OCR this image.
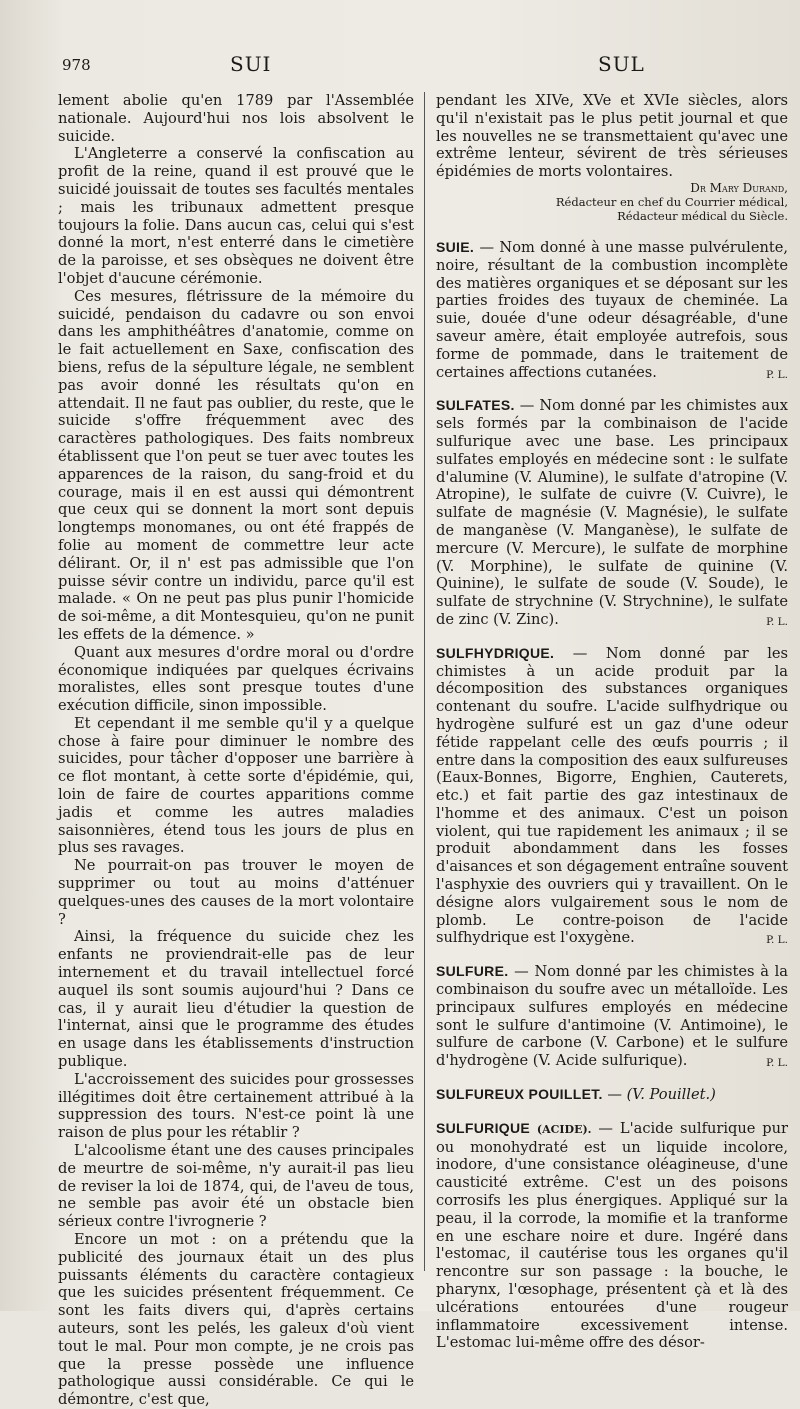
978	SUI	SUL

lement abolie qu'en 1789 par l'Assemblée nationale. Aujourd'hui nos lois absolvent le suicide.

L'Angleterre a conservé la confiscation au profit de la reine, quand il est prouvé que le suicidé jouissait de toutes ses facultés mentales ; mais les tribunaux admettent presque toujours la folie. Dans aucun cas, celui qui s'est donné la mort, n'est enterré dans le cimetière de la paroisse, et ses obsèques ne doivent être l'objet d'aucune cérémonie.

Ces mesures, flétrissure de la mémoire du suicidé, pendaison du cadavre ou son envoi dans les amphithéâtres d'anatomie, comme on le fait actuellement en Saxe, confiscation des biens, refus de la sépulture légale, ne semblent pas avoir donné les résultats qu'on en attendait. Il ne faut pas oublier, du reste, que le suicide s'offre fréquemment avec des caractères pathologiques. Des faits nombreux établissent que l'on peut se tuer avec toutes les apparences de la raison, du sang-froid et du courage, mais il en est aussi qui démontrent que ceux qui se donnent la mort sont depuis longtemps monomanes, ou ont été frappés de folie au moment de commettre leur acte délirant. Or, il n' est pas admissible que l'on puisse sévir contre un individu, parce qu'il est malade. « On ne peut pas plus punir l'homicide de soi-même, a dit Montesquieu, qu'on ne punit les effets de la démence. »

Quant aux mesures d'ordre moral ou d'ordre économique indiquées par quelques écrivains moralistes, elles sont presque toutes d'une exécution difficile, sinon impossible.

Et cependant il me semble qu'il y a quelque chose à faire pour diminuer le nombre des suicides, pour tâcher d'opposer une barrière à ce flot montant, à cette sorte d'épidémie, qui, loin de faire de courtes apparitions comme jadis et comme les autres maladies saisonnières, étend tous les jours de plus en plus ses ravages.

Ne pourrait-on pas trouver le moyen de supprimer ou tout au moins d'atténuer quelques-unes des causes de la mort volontaire ?

Ainsi, la fréquence du suicide chez les enfants ne proviendrait-elle pas de leur internement et du travail intellectuel forcé auquel ils sont soumis aujourd'hui ? Dans ce cas, il y aurait lieu d'étudier la question de l'internat, ainsi que le programme des études en usage dans les établissements d'instruction publique.

L'accroissement des suicides pour grossesses illégitimes doit être certainement attribué à la suppression des tours. N'est-ce point là une raison de plus pour les rétablir ?

L'alcoolisme étant une des causes principales de meurtre de soi-même, n'y aurait-il pas lieu de reviser la loi de 1874, qui, de l'aveu de tous, ne semble pas avoir été un obstacle bien sérieux contre l'ivrognerie ?

Encore un mot : on a prétendu que la publicité des journaux était un des plus puissants éléments du caractère contagieux que les suicides présentent fréquemment. Ce sont les faits divers qui, d'après certains auteurs, sont les pelés, les galeux d'où vient tout le mal. Pour mon compte, je ne crois pas que la presse possède une influence pathologique aussi considérable. Ce qui le démontre, c'est que,

pendant les XIVe, XVe et XVIe siècles, alors qu'il n'existait pas le plus petit journal et que les nouvelles ne se transmettaient qu'avec une extrême lenteur, sévirent de très sérieuses épidémies de morts volontaires.

Dr Mary Durand,
Rédacteur en chef du Courrier médical,
Rédacteur médical du Siècle.

SUIE. — Nom donné à une masse pulvérulente, noire, résultant de la combustion incomplète des matières organiques et se déposant sur les parties froides des tuyaux de cheminée. La suie, douée d'une odeur désagréable, d'une saveur amère, était employée autrefois, sous forme de pommade, dans le traitement de certaines affections cutanées.	P. L.

SULFATES. — Nom donné par les chimistes aux sels formés par la combinaison de l'acide sulfurique avec une base. Les principaux sulfates employés en médecine sont : le sulfate d'alumine (V. Alumine), le sulfate d'atropine (V. Atropine), le sulfate de cuivre (V. Cuivre), le sulfate de magnésie (V. Magnésie), le sulfate de manganèse (V. Manganèse), le sulfate de mercure (V. Mercure), le sulfate de morphine (V. Morphine), le sulfate de quinine (V. Quinine), le sulfate de soude (V. Soude), le sulfate de strychnine (V. Strychnine), le sulfate de zinc (V. Zinc).	P. L.

SULFHYDRIQUE. — Nom donné par les chimistes à un acide produit par la décomposition des substances organiques contenant du soufre. L'acide sulfhydrique ou hydrogène sulfuré est un gaz d'une odeur fétide rappelant celle des œufs pourris ; il entre dans la composition des eaux sulfureuses (Eaux-Bonnes, Bigorre, Enghien, Cauterets, etc.) et fait partie des gaz intestinaux de l'homme et des animaux. C'est un poison violent, qui tue rapidement les animaux ; il se produit abondamment dans les fosses d'aisances et son dégagement entraîne souvent l'asphyxie des ouvriers qui y travaillent. On le désigne alors vulgairement sous le nom de plomb. Le contre-poison de l'acide sulfhydrique est l'oxygène.	P. L.

SULFURE. — Nom donné par les chimistes à la combinaison du soufre avec un métalloïde. Les principaux sulfures employés en médecine sont le sulfure d'antimoine (V. Antimoine), le sulfure de carbone (V. Carbone) et le sulfure d'hydrogène (V. Acide sulfurique).	P. L.

SULFUREUX POUILLET. — (V. Pouillet.)

SULFURIQUE (ACIDE). — L'acide sulfurique pur ou monohydraté est un liquide incolore, inodore, d'une consistance oléagineuse, d'une causticité extrême. C'est un des poisons corrosifs les plus énergiques. Appliqué sur la peau, il la corrode, la momifie et la tranforme en une eschare noire et dure. Ingéré dans l'estomac, il cautérise tous les organes qu'il rencontre sur son passage : la bouche, le pharynx, l'œsophage, présentent çà et là des ulcérations entourées d'une rougeur inflammatoire excessivement intense. L'estomac lui-même offre des désor-
